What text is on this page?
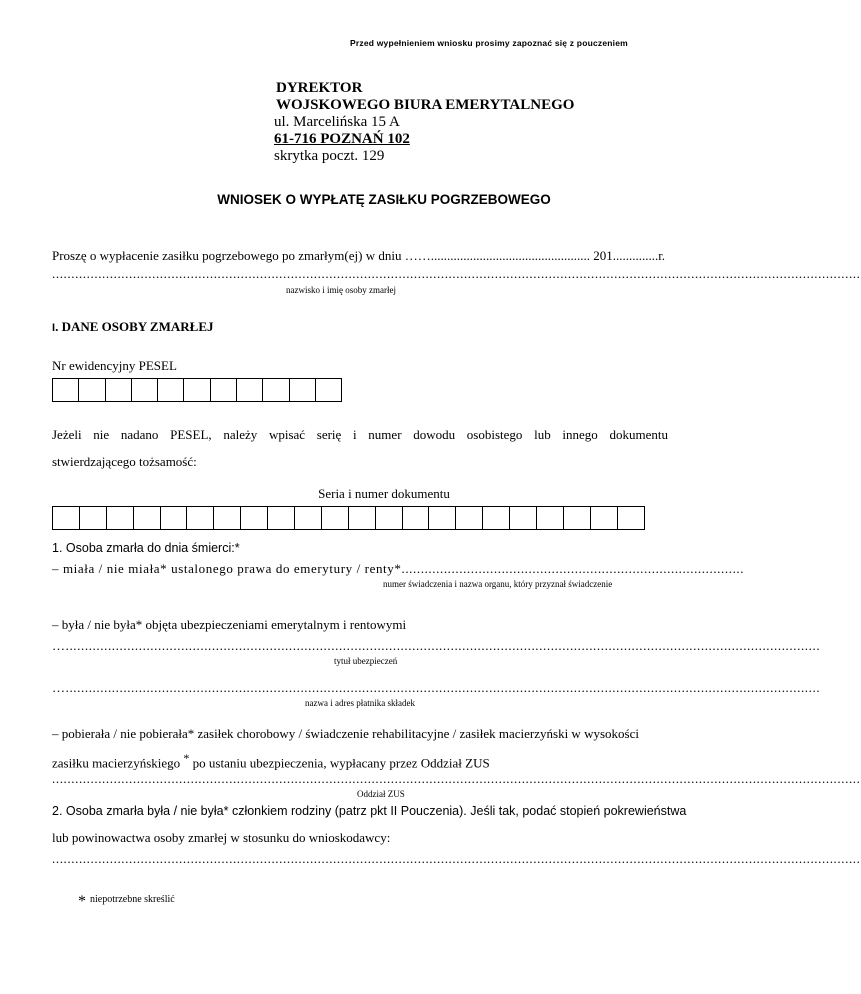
Przed wypełnieniem wniosku prosimy zapoznać się z pouczeniem
DYREKTOR
WOJSKOWEGO BIURA EMERYTALNEGO
ul. Marcelińska 15 A
61-716 POZNAŃ 102
skrytka poczt. 129
WNIOSEK O WYPŁATĘ ZASIŁKU POGRZEBOWEGO
Proszę o wypłacenie zasiłku pogrzebowego po zmarłym(ej) w dniu ……................................................. 201..............r.
..................................................................................................................................................................................................................
nazwisko i imię osoby zmarłej
I. DANE OSOBY ZMARŁEJ
Nr ewidencyjny PESEL
Jeżeli nie nadano PESEL, należy wpisać serię i numer dowodu osobistego lub innego dokumentu
stwierdzającego tożsamość:
Seria i numer dokumentu
1. Osoba zmarła do dnia śmierci:*
– miała / nie miała* ustalonego prawa do emerytury / renty*.........................................................................................
numer świadczenia i nazwa organu, który przyznał świadczenie
– była / nie była* objęta ubezpieczeniami emerytalnym i rentowymi
…....................................................................................................................................................................................................
tytuł ubezpieczeń
…....................................................................................................................................................................................................
nazwa i adres płatnika składek
– pobierała / nie pobierała* zasiłek chorobowy / świadczenie rehabilitacyjne / zasiłek macierzyński w wysokości
zasiłku macierzyńskiego * po ustaniu ubezpieczenia, wypłacany przez Oddział ZUS
..................................................................................................................................................................................................................
Oddział ZUS
2. Osoba zmarła była / nie była* członkiem rodziny (patrz pkt II Pouczenia). Jeśli tak, podać stopień pokrewieństwa
lub powinowactwa osoby zmarłej w stosunku do wnioskodawcy:
..................................................................................................................................................................................................................
* niepotrzebne skreślić
